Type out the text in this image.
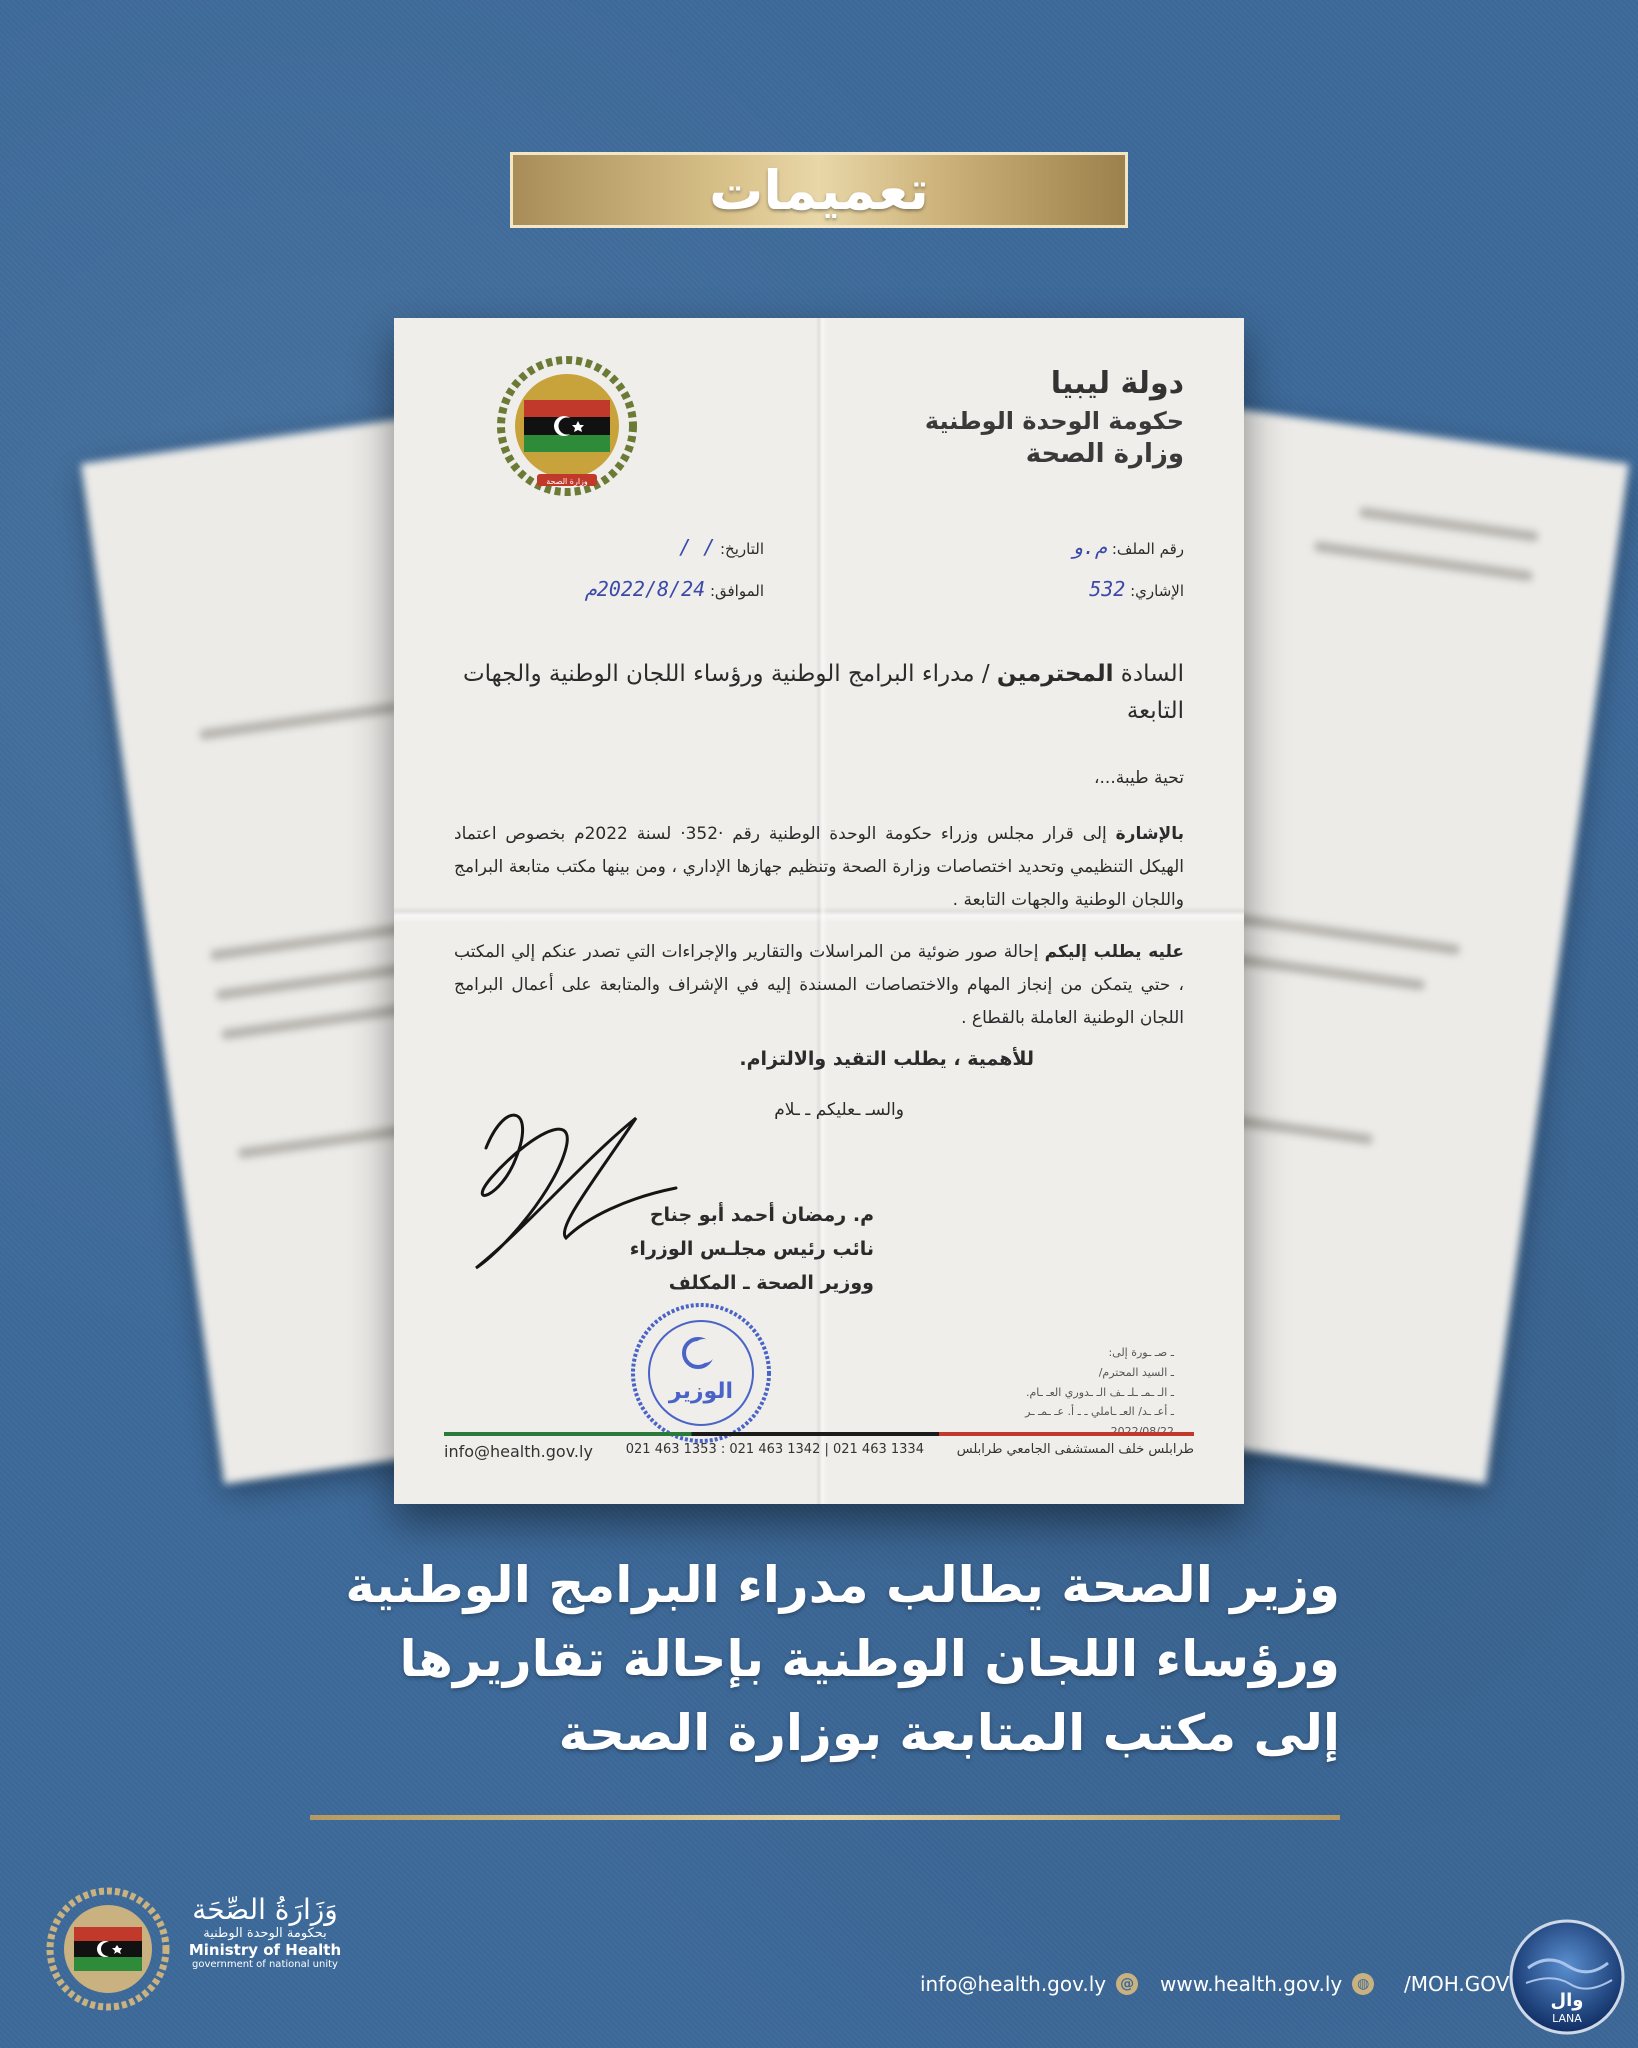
تعميمات
دولة ليبيا
حكومة الوحدة الوطنية
وزارة الصحة
وزارة الصحة
رقم الملف: م.و
الإشاري: 532
التاريخ: / /
الموافق: 2022/8/24م
السادة المحترمين / مدراء البرامج الوطنية ورؤساء اللجان الوطنية والجهات التابعة
تحية طيبة...،
بالإشارة إلى قرار مجلس وزراء حكومة الوحدة الوطنية رقم ·352· لسنة 2022م بخصوص اعتماد الهيكل التنظيمي وتحديد اختصاصات وزارة الصحة وتنظيم جهازها الإداري ، ومن بينها مكتب متابعة البرامج واللجان الوطنية والجهات التابعة .
عليه يطلب إليكم إحالة صور ضوئية من المراسلات والتقارير والإجراءات التي تصدر عنكم إلي المكتب ، حتي يتمكن من إنجاز المهام والاختصاصات المسندة إليه في الإشراف والمتابعة على أعمال البرامج اللجان الوطنية العاملة بالقطاع .
للأهمية ، يطلب التقيد والالتزام.
والسـ ـعليكم ـ ـلام
م. رمضان أحمد أبو جناح
نائب رئيس مجلـس الوزراء
ووزير الصحة ـ المكلف
الوزير
ـ صـ ـورة إلى:
ـ السيد المحترم/
ـ الـ ـمـ ـلـ ـف الـ ـدوري العـ ـام.
ـ أعـ ـد/ العـ ـاملي ـ ـ أ. عـ ـمـ ـر
info@health.gov.ly	021 463 1353 : 021 463 1342 | 021 463 1334	طرابلس خلف المستشفى الجامعي طرابلس
وزير الصحة يطالب مدراء البرامج الوطنية
ورؤساء اللجان الوطنية بإحالة تقاريرها
إلى مكتب المتابعة بوزارة الصحة
وَزَارَةُ الصِّحَة
بحكومة الوحدة الوطنية
Ministry of Health
government of national unity
info@health.gov.ly @ www.health.gov.ly	◍ /MOH.GOV
وال
LANA
